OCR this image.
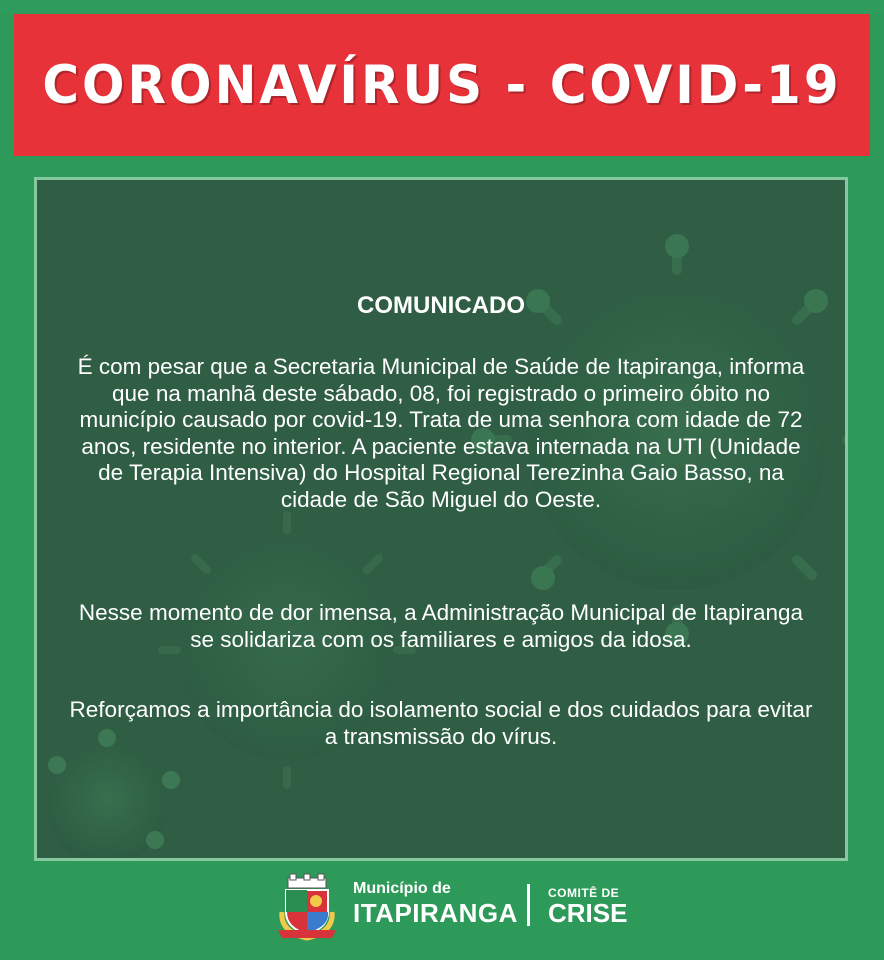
CORONAVÍRUS - COVID-19
COMUNICADO
É com pesar que a Secretaria Municipal de Saúde de Itapiranga, informa que na manhã deste sábado, 08, foi registrado o primeiro óbito no município causado por covid-19. Trata de uma senhora com idade de 72 anos, residente no interior. A paciente estava internada na UTI (Unidade de Terapia Intensiva) do Hospital Regional Terezinha Gaio Basso, na cidade de São Miguel do Oeste.
Nesse momento de dor imensa, a Administração Municipal de Itapiranga se solidariza com os familiares e amigos da idosa.
Reforçamos a importância do isolamento social e dos cuidados para evitar a transmissão do vírus.
Município de
ITAPIRANGA
COMITÊ DE
CRISE
